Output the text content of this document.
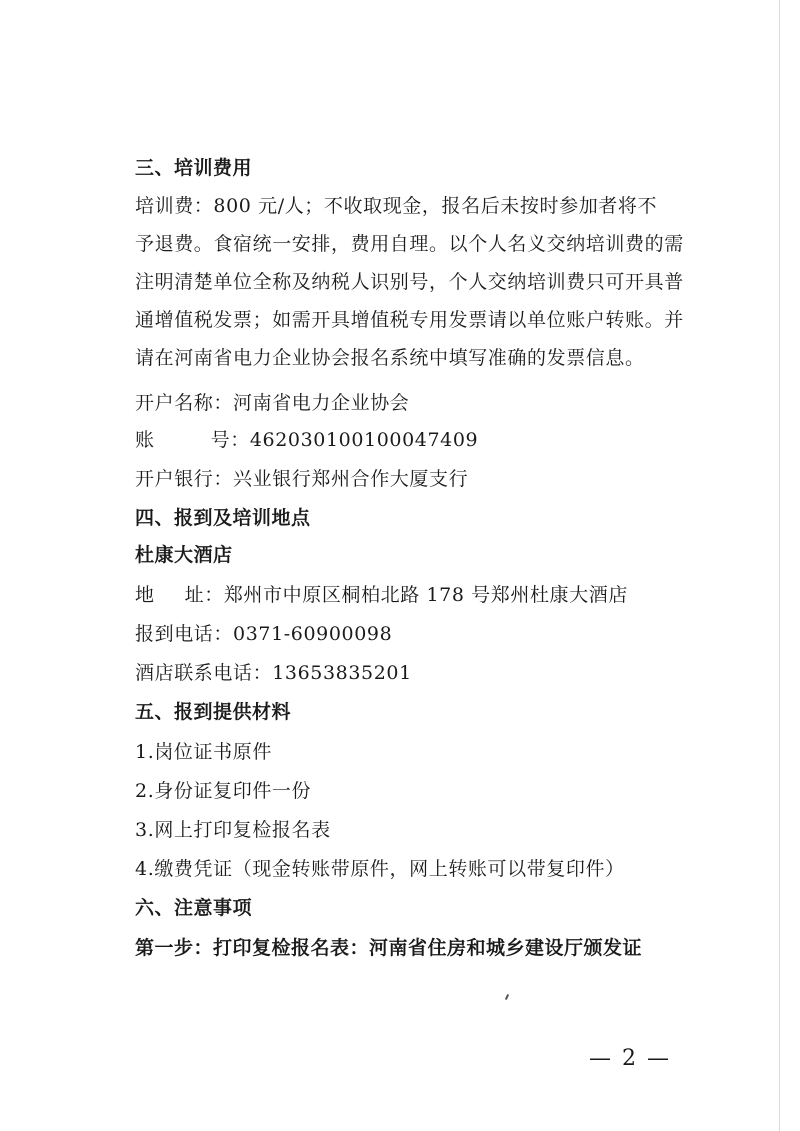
三、培训费用
培训费：800 元/人；不收取现金，报名后未按时参加者将不
予退费。食宿统一安排，费用自理。以个人名义交纳培训费的需
注明清楚单位全称及纳税人识别号，个人交纳培训费只可开具普
通增值税发票；如需开具增值税专用发票请以单位账户转账。并
请在河南省电力企业协会报名系统中填写准确的发票信息。
开户名称：河南省电力企业协会
账	号：462030100100047409
开户银行：兴业银行郑州合作大厦支行
四、报到及培训地点
杜康大酒店
地 址：郑州市中原区桐柏北路 178 号郑州杜康大酒店
报到电话：0371-60900098
酒店联系电话：13653835201
五、报到提供材料
1.岗位证书原件
2.身份证复印件一份
3.网上打印复检报名表
4.缴费凭证（现金转账带原件，网上转账可以带复印件）
六、注意事项
第一步：打印复检报名表：河南省住房和城乡建设厅颁发证
— 2 —
